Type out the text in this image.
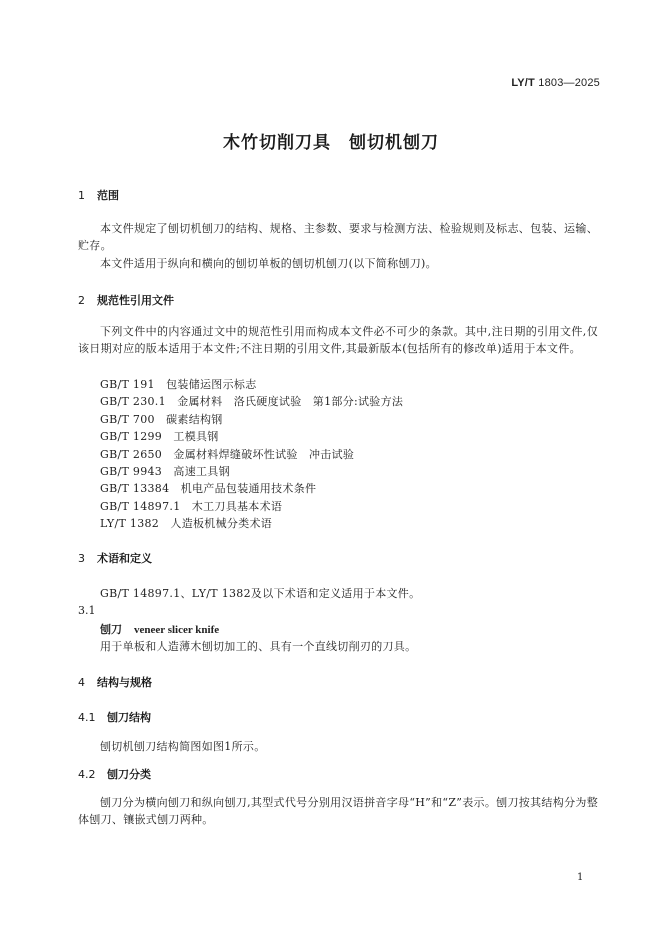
LY/T 1803—2025
木竹切削刀具　刨切机刨刀
1 范围
本文件规定了刨切机刨刀的结构、规格、主参数、要求与检测方法、检验规则及标志、包装、运输、贮存。
本文件适用于纵向和横向的刨切单板的刨切机刨刀(以下简称刨刀)。
2 规范性引用文件
下列文件中的内容通过文中的规范性引用而构成本文件必不可少的条款。其中,注日期的引用文件,仅该日期对应的版本适用于本文件;不注日期的引用文件,其最新版本(包括所有的修改单)适用于本文件。
GB/T 191　包装储运图示标志
GB/T 230.1　金属材料　洛氏硬度试验　第1部分:试验方法
GB/T 700　碳素结构钢
GB/T 1299　工模具钢
GB/T 2650　金属材料焊缝破坏性试验　冲击试验
GB/T 9943　高速工具钢
GB/T 13384　机电产品包装通用技术条件
GB/T 14897.1　木工刀具基本术语
LY/T 1382　人造板机械分类术语
3 术语和定义
GB/T 14897.1、LY/T 1382及以下术语和定义适用于本文件。
3.1
刨刀 veneer slicer knife
用于单板和人造薄木刨切加工的、具有一个直线切削刃的刀具。
4 结构与规格
4.1 刨刀结构
刨切机刨刀结构简图如图1所示。
4.2 刨刀分类
刨刀分为横向刨刀和纵向刨刀,其型式代号分别用汉语拼音字母“H”和“Z”表示。刨刀按其结构分为整体刨刀、镶嵌式刨刀两种。
1
